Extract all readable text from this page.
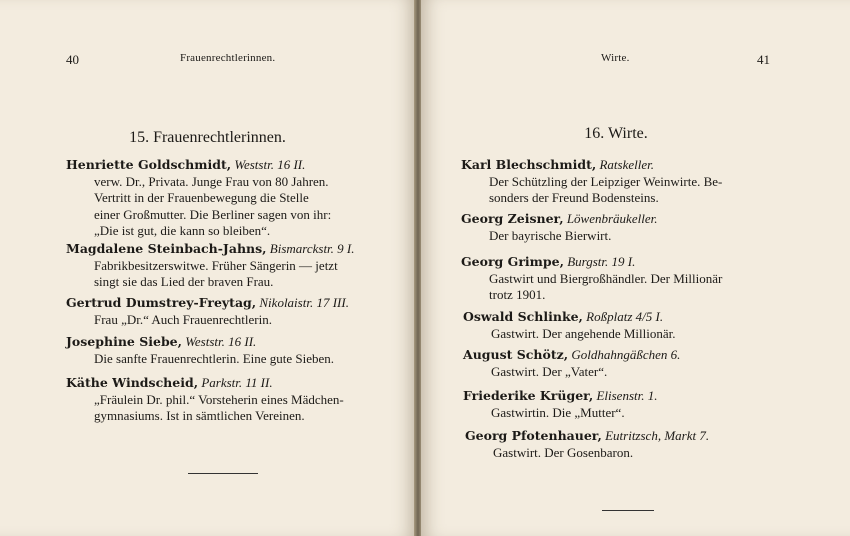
40	Frauenrechtlerinnen.
15. Frauenrechtlerinnen.
Henriette Goldschmidt, Weststr. 16 II.
verw. Dr., Privata. Junge Frau von 80 Jahren.
Vertritt in der Frauenbewegung die Stelle
einer Großmutter. Die Berliner sagen von ihr:
„Die ist gut, die kann so bleiben“.
Magdalene Steinbach-Jahns, Bismarckstr. 9 I.
Fabrikbesitzerswitwe. Früher Sängerin — jetzt
singt sie das Lied der braven Frau.
Gertrud Dumstrey-Freytag, Nikolaistr. 17 III.
Frau „Dr.“ Auch Frauenrechtlerin.
Josephine Siebe, Weststr. 16 II.
Die sanfte Frauenrechtlerin. Eine gute Sieben.
Käthe Windscheid, Parkstr. 11 II.
„Fräulein Dr. phil.“ Vorsteherin eines Mädchen-
gymnasiums. Ist in sämtlichen Vereinen.
Wirte.	41
16. Wirte.
Karl Blechschmidt, Ratskeller.
Der Schützling der Leipziger Weinwirte. Be-
sonders der Freund Bodensteins.
Georg Zeisner, Löwenbräukeller.
Der bayrische Bierwirt.
Georg Grimpe, Burgstr. 19 I.
Gastwirt und Biergroßhändler. Der Millionär
trotz 1901.
Oswald Schlinke, Roßplatz 4/5 I.
Gastwirt. Der angehende Millionär.
August Schötz, Goldhahngäßchen 6.
Gastwirt. Der „Vater“.
Friederike Krüger, Elisenstr. 1.
Gastwirtin. Die „Mutter“.
Georg Pfotenhauer, Eutritzsch, Markt 7.
Gastwirt. Der Gosenbaron.
